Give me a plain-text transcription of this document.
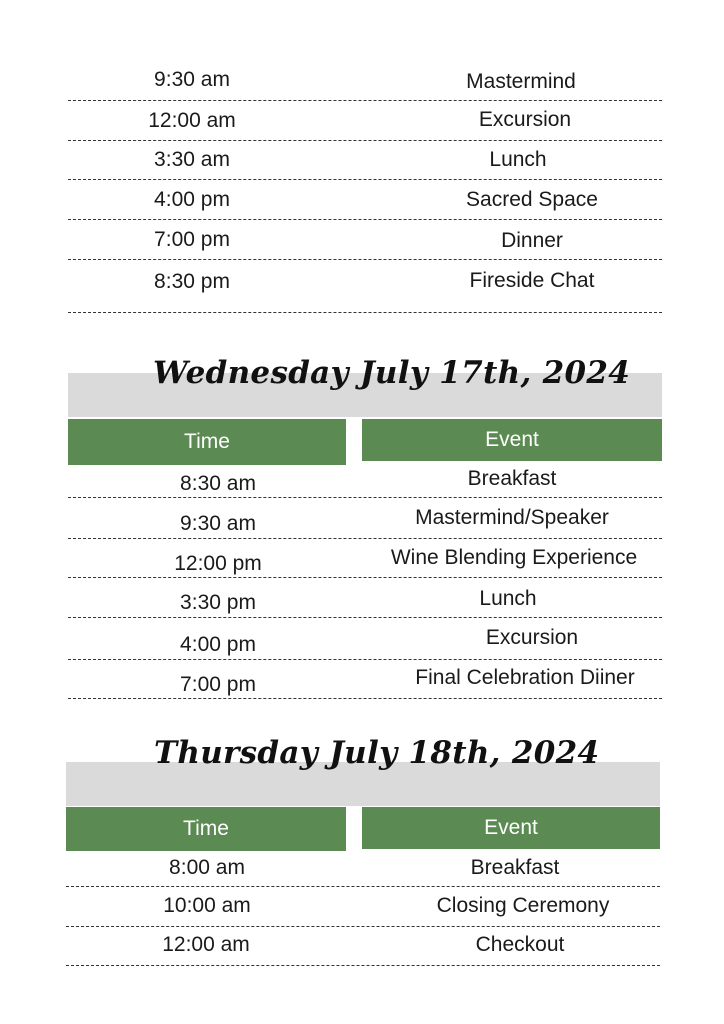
9:30 am	Mastermind
12:00 am	Excursion
3:30 am	Lunch
4:00 pm	Sacred Space
7:00 pm	Dinner
8:30 pm	Fireside Chat
Wednesday July 17th, 2024
Time	Event
8:30 am	Breakfast
9:30 am	Mastermind/Speaker
12:00 pm	Wine Blending Experience
3:30 pm	Lunch
4:00 pm	Excursion
7:00 pm	Final Celebration Diiner
Thursday July 18th, 2024
Time	Event
8:00 am	Breakfast
10:00 am	Closing Ceremony
12:00 am	Checkout
